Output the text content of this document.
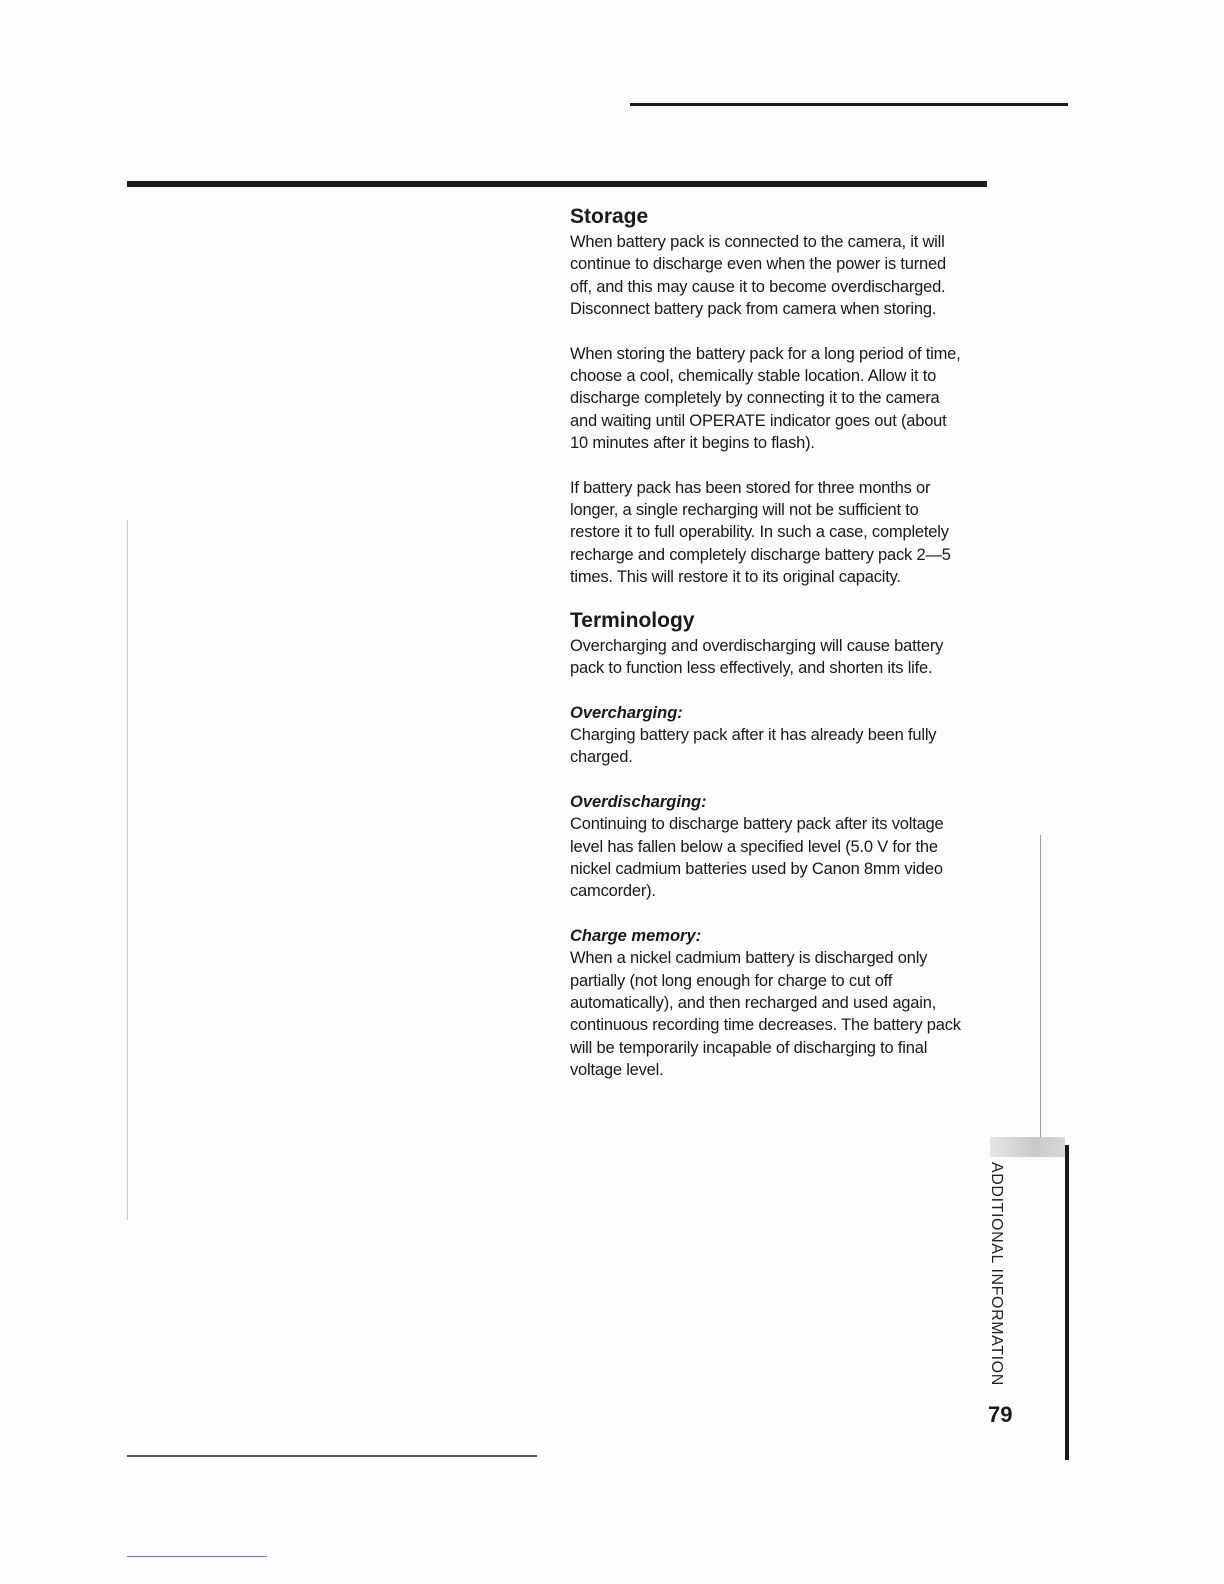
Storage

When battery pack is connected to the camera, it will continue to discharge even when the power is turned off, and this may cause it to become overdischarged. Disconnect battery pack from camera when storing.

When storing the battery pack for a long period of time, choose a cool, chemically stable location. Allow it to discharge completely by connecting it to the camera and waiting until OPERATE indicator goes out (about 10 minutes after it begins to flash).

If battery pack has been stored for three months or longer, a single recharging will not be sufficient to restore it to full operability. In such a case, completely recharge and completely discharge battery pack 2—5 times. This will restore it to its original capacity.

Terminology

Overcharging and overdischarging will cause battery pack to function less effectively, and shorten its life.

Overcharging:

Charging battery pack after it has already been fully charged.

Overdischarging:

Continuing to discharge battery pack after its voltage level has fallen below a specified level (5.0 V for the nickel cadmium batteries used by Canon 8mm video camcorder).

Charge memory:

When a nickel cadmium battery is discharged only partially (not long enough for charge to cut off automatically), and then recharged and used again, continuous recording time decreases. The battery pack will be temporarily incapable of discharging to final voltage level.

ADDITIONAL INFORMATION
79
